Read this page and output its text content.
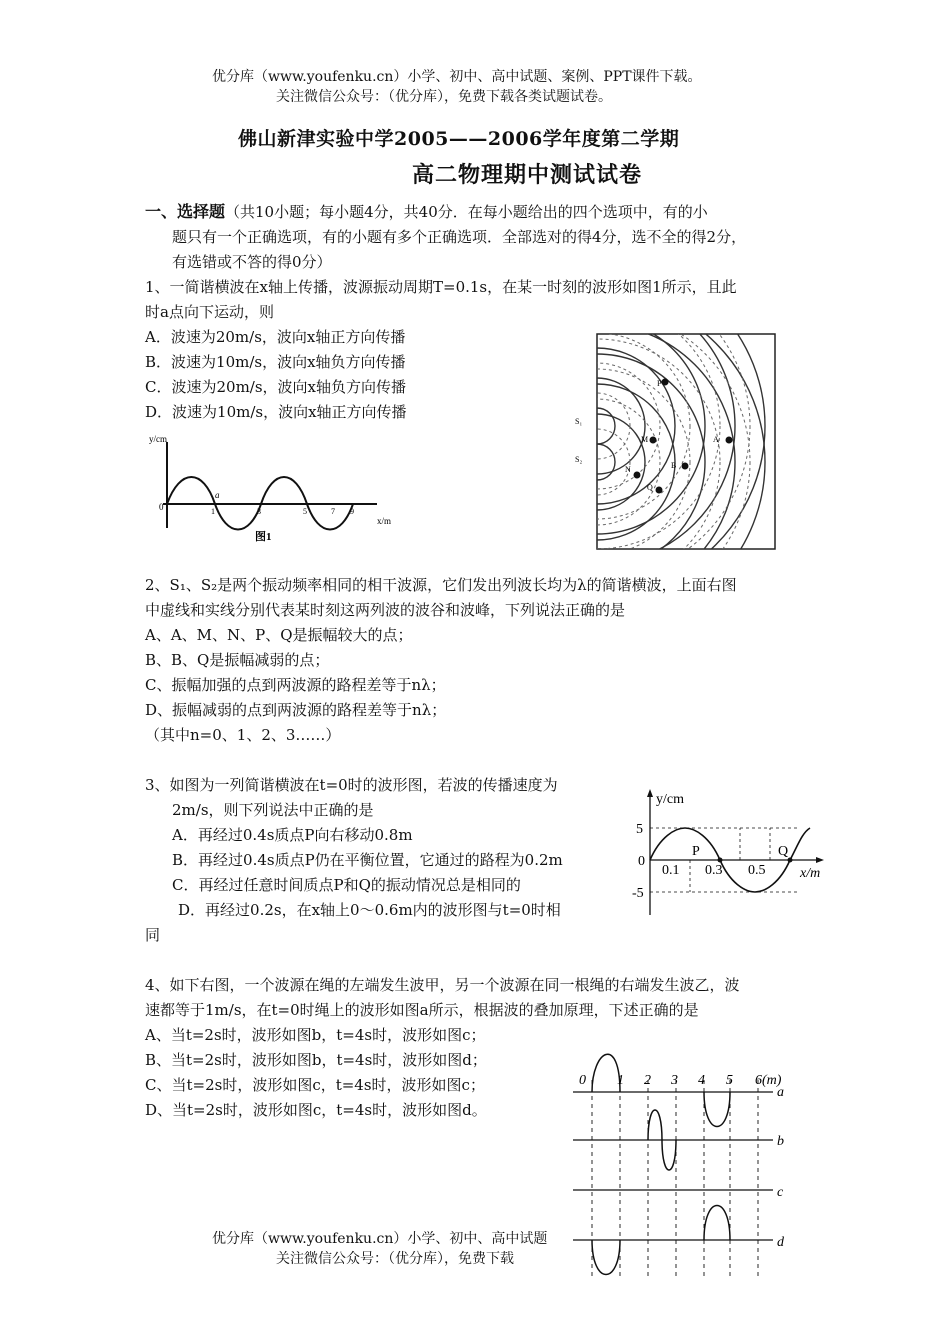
优分库（www.youfenku.cn）小学、初中、高中试题、案例、PPT课件下载。
关注微信公众号：（优分库），免费下载各类试题试卷。
佛山新津实验中学2005——2006学年度第二学期
高二物理期中测试试卷
一、选择题（共10小题；每小题4分，共40分．在每小题给出的四个选项中，有的小
题只有一个正确选项，有的小题有多个正确选项．全部选对的得4分，选不全的得2分，
有选错或不答的得0分）
1、一简谐横波在x轴上传播，波源振动周期T=0.1s，在某一时刻的波形如图1所示，且此
时a点向下运动，则
A．波速为20m/s，波向x轴正方向传播
B．波速为10m/s，波向x轴负方向传播
C．波速为20m/s，波向x轴负方向传播
D．波速为10m/s，波向x轴正方向传播
y/cm
x/m
0
a
1	3	5	7 9
图1
S₁
S₂
P
M
N
Q
B
A
2、S₁、S₂是两个振动频率相同的相干波源，它们发出列波长均为λ的简谐横波，上面右图
中虚线和实线分别代表某时刻这两列波的波谷和波峰，下列说法正确的是
A、A、M、N、P、Q是振幅较大的点；
B、B、Q是振幅减弱的点；
C、振幅加强的点到两波源的路程差等于nλ；
D、振幅减弱的点到两波源的路程差等于nλ；
（其中n=0、1、2、3……）
3、如图为一列简谐横波在t=0时的波形图，若波的传播速度为
2m/s，则下列说法中正确的是
A．再经过0.4s质点P向右移动0.8m
B．再经过0.4s质点P仍在平衡位置，它通过的路程为0.2m
C．再经过任意时间质点P和Q的振动情况总是相同的
D．再经过0.2s，在x轴上0～0.6m内的波形图与t=0时相
同
y/cm
x/m
5
0
-5
0.1 0.3 0.5
P	Q
4、如下右图，一个波源在绳的左端发生波甲，另一个波源在同一根绳的右端发生波乙，波
速都等于1m/s，在t=0时绳上的波形如图a所示，根据波的叠加原理，下述正确的是
A、当t=2s时，波形如图b，t=4s时，波形如图c；
B、当t=2s时，波形如图b，t=4s时，波形如图d；
C、当t=2s时，波形如图c，t=4s时，波形如图c；
D、当t=2s时，波形如图c，t=4s时，波形如图d。
0 1 2 3 4 5 6(m)
a
b
c
d
优分库（www.youfenku.cn）小学、初中、高中试题
关注微信公众号：（优分库），免费下载
